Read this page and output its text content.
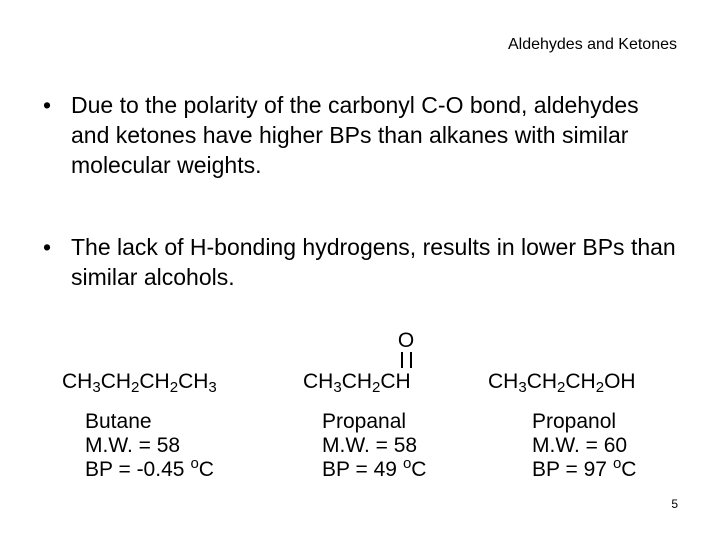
Aldehydes and Ketones
• Due to the polarity of the carbonyl C-O bond, aldehydes and ketones have higher BPs than alkanes with similar molecular weights.
• The lack of H-bonding hydrogens, results in lower BPs than similar alcohols.
$CH_3CH_2CH_2CH_3$
Butane
M.W. = 58
BP = -0.45 $^o$C
O
$CH_3CH_2CH$
Propanal
M.W. = 58
BP = 49 $^o$C
$CH_3CH_2CH_2OH$
Propanol
M.W. = 60
BP = 97 $^o$C
5
